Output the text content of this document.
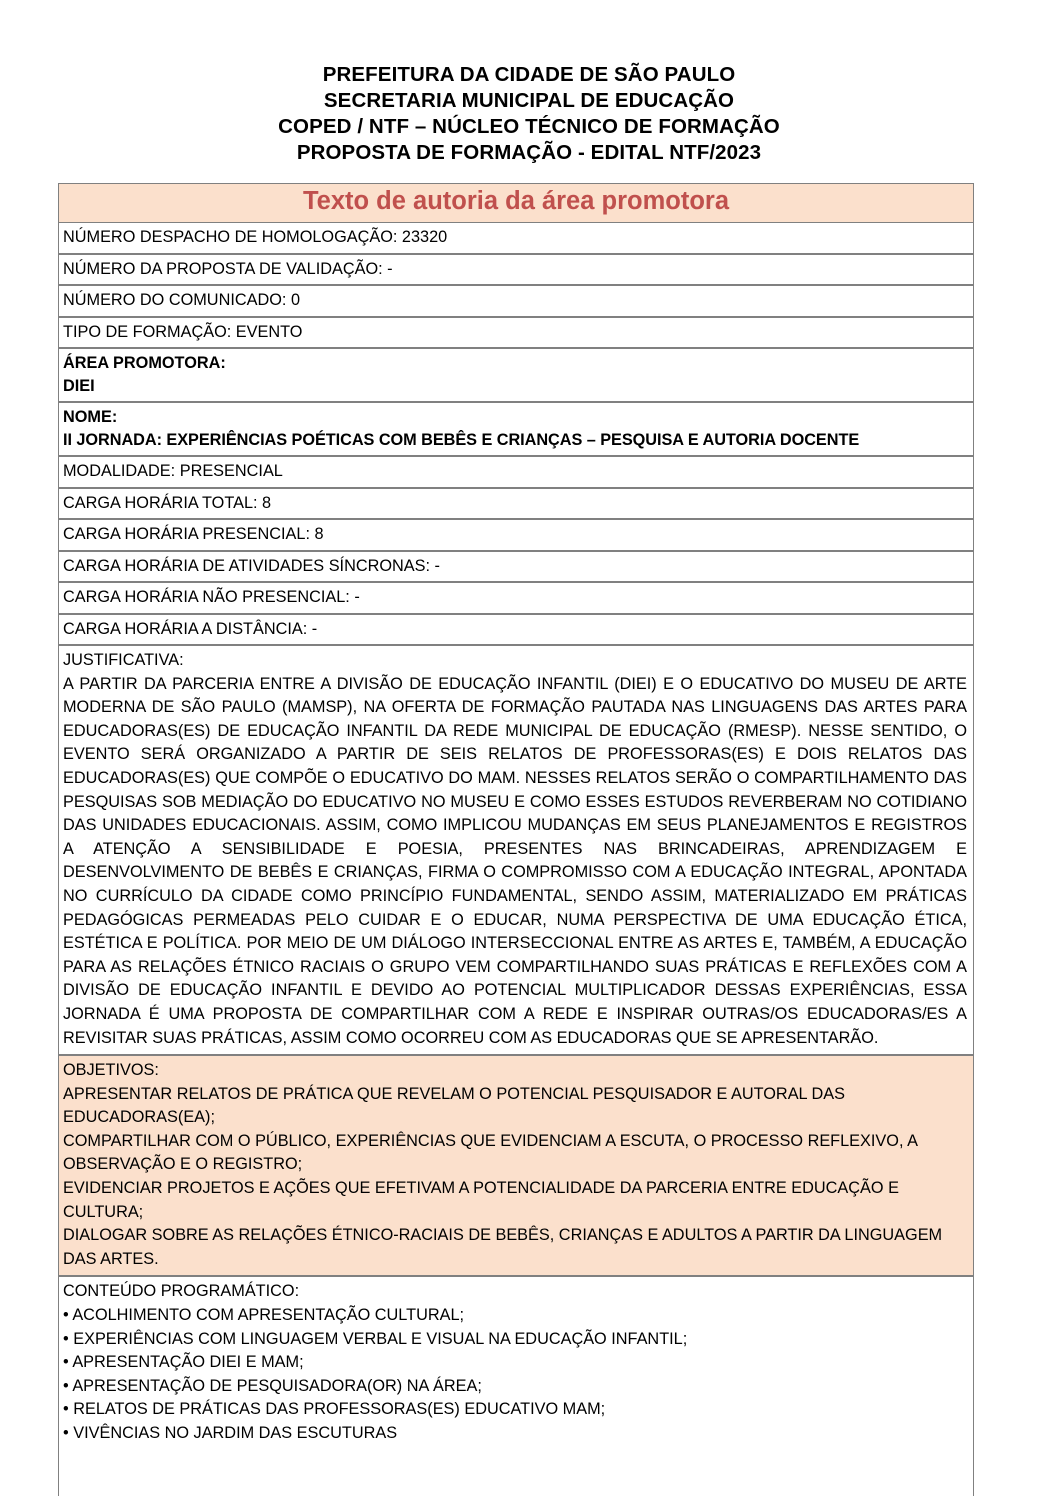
PREFEITURA DA CIDADE DE SÃO PAULO
SECRETARIA MUNICIPAL DE EDUCAÇÃO
COPED / NTF – NÚCLEO TÉCNICO DE FORMAÇÃO
PROPOSTA DE FORMAÇÃO - EDITAL NTF/2023
Texto de autoria da área promotora

NÚMERO DESPACHO DE HOMOLOGAÇÃO: 23320
NÚMERO DA PROPOSTA DE VALIDAÇÃO: -
NÚMERO DO COMUNICADO: 0
TIPO DE FORMAÇÃO: EVENTO

ÁREA PROMOTORA:
DIEI

NOME:
II JORNADA: EXPERIÊNCIAS POÉTICAS COM BEBÊS E CRIANÇAS – PESQUISA E AUTORIA DOCENTE

MODALIDADE: PRESENCIAL
CARGA HORÁRIA TOTAL: 8
CARGA HORÁRIA PRESENCIAL: 8
CARGA HORÁRIA DE ATIVIDADES SÍNCRONAS: -
CARGA HORÁRIA NÃO PRESENCIAL: -
CARGA HORÁRIA A DISTÂNCIA: -

JUSTIFICATIVA:

A PARTIR DA PARCERIA ENTRE A DIVISÃO DE EDUCAÇÃO INFANTIL (DIEI) E O EDUCATIVO DO MUSEU DE ARTE MODERNA DE SÃO PAULO (MAMSP), NA OFERTA DE FORMAÇÃO PAUTADA NAS LINGUAGENS DAS ARTES PARA EDUCADORAS(ES) DE EDUCAÇÃO INFANTIL DA REDE MUNICIPAL DE EDUCAÇÃO (RMESP). NESSE SENTIDO, O EVENTO SERÁ ORGANIZADO A PARTIR DE SEIS RELATOS DE PROFESSORAS(ES) E DOIS RELATOS DAS EDUCADORAS(ES) QUE COMPÕE O EDUCATIVO DO MAM. NESSES RELATOS SERÃO O COMPARTILHAMENTO DAS PESQUISAS SOB MEDIAÇÃO DO EDUCATIVO NO MUSEU E COMO ESSES ESTUDOS REVERBERAM NO COTIDIANO DAS UNIDADES EDUCACIONAIS. ASSIM, COMO IMPLICOU MUDANÇAS EM SEUS PLANEJAMENTOS E REGISTROS A ATENÇÃO A SENSIBILIDADE E POESIA, PRESENTES NAS BRINCADEIRAS, APRENDIZAGEM E DESENVOLVIMENTO DE BEBÊS E CRIANÇAS, FIRMA O COMPROMISSO COM A EDUCAÇÃO INTEGRAL, APONTADA NO CURRÍCULO DA CIDADE COMO PRINCÍPIO FUNDAMENTAL, SENDO ASSIM, MATERIALIZADO EM PRÁTICAS PEDAGÓGICAS PERMEADAS PELO CUIDAR E O EDUCAR, NUMA PERSPECTIVA DE UMA EDUCAÇÃO ÉTICA, ESTÉTICA E POLÍTICA. POR MEIO DE UM DIÁLOGO INTERSECCIONAL ENTRE AS ARTES E, TAMBÉM, A EDUCAÇÃO PARA AS RELAÇÕES ÉTNICO RACIAIS O GRUPO VEM COMPARTILHANDO SUAS PRÁTICAS E REFLEXÕES COM A DIVISÃO DE EDUCAÇÃO INFANTIL E DEVIDO AO POTENCIAL MULTIPLICADOR DESSAS EXPERIÊNCIAS, ESSA JORNADA É UMA PROPOSTA DE COMPARTILHAR COM A REDE E INSPIRAR OUTRAS/OS EDUCADORAS/ES A REVISITAR SUAS PRÁTICAS, ASSIM COMO OCORREU COM AS EDUCADORAS QUE SE APRESENTARÃO.

OBJETIVOS:

APRESENTAR RELATOS DE PRÁTICA QUE REVELAM O POTENCIAL PESQUISADOR E AUTORAL DAS EDUCADORAS(EA);

COMPARTILHAR COM O PÚBLICO, EXPERIÊNCIAS QUE EVIDENCIAM A ESCUTA, O PROCESSO REFLEXIVO, A OBSERVAÇÃO E O REGISTRO;

EVIDENCIAR PROJETOS E AÇÕES QUE EFETIVAM A POTENCIALIDADE DA PARCERIA ENTRE EDUCAÇÃO E CULTURA;

DIALOGAR SOBRE AS RELAÇÕES ÉTNICO-RACIAIS DE BEBÊS, CRIANÇAS E ADULTOS A PARTIR DA LINGUAGEM DAS ARTES.

CONTEÚDO PROGRAMÁTICO:

• ACOLHIMENTO COM APRESENTAÇÃO CULTURAL;

• EXPERIÊNCIAS COM LINGUAGEM VERBAL E VISUAL NA EDUCAÇÃO INFANTIL;

• APRESENTAÇÃO DIEI E MAM;

• APRESENTAÇÃO DE PESQUISADORA(OR) NA ÁREA;

• RELATOS DE PRÁTICAS DAS PROFESSORAS(ES) EDUCATIVO MAM;

• VIVÊNCIAS NO JARDIM DAS ESCUTURAS
